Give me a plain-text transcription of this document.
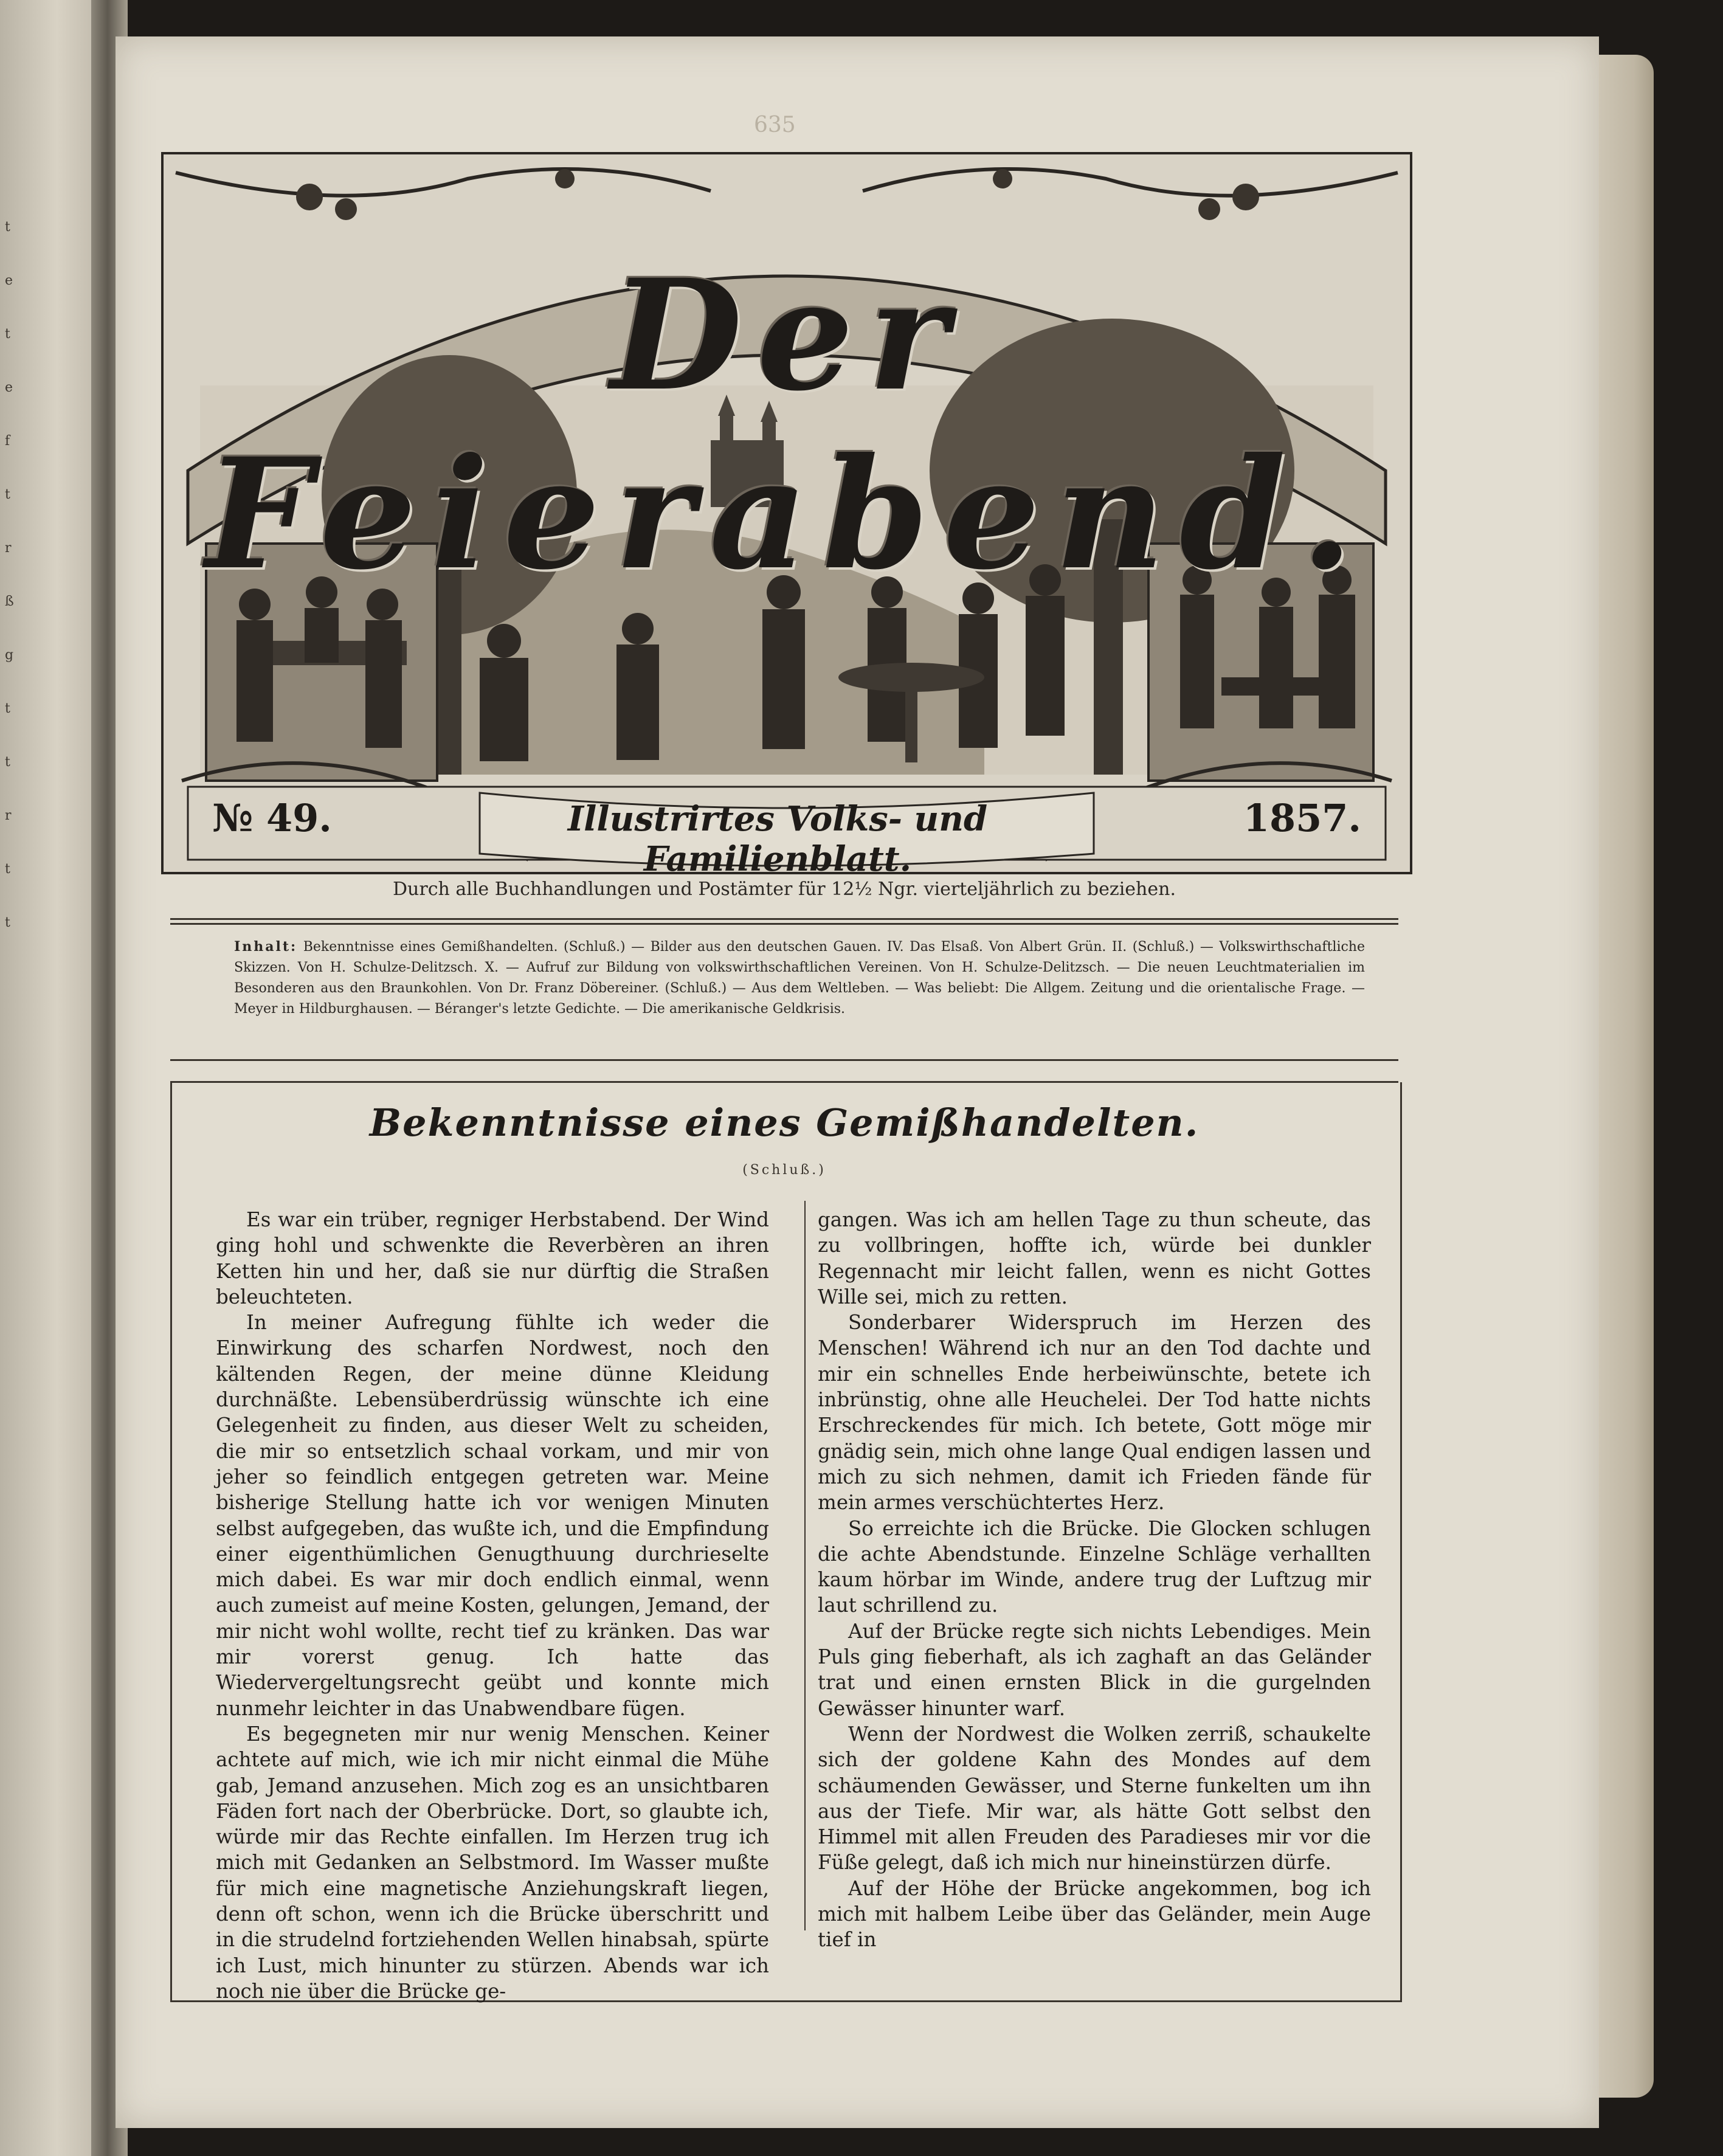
t
e
t
e
f
t
r
ß
g
t
t
r
t
t
635
Der Feierabend.
№ 49.	Illustrirtes Volks- und Familienblatt.
1857.
Durch alle Buchhandlungen und Postämter für 12½ Ngr. vierteljährlich zu beziehen.
Inhalt: Bekenntnisse eines Gemißhandelten. (Schluß.) — Bilder aus den deutschen Gauen. IV. Das Elsaß. Von Albert Grün. II. (Schluß.) — Volkswirthschaftliche Skizzen. Von H. Schulze-Delitzsch. X. — Aufruf zur Bildung von volkswirthschaftlichen Vereinen. Von H. Schulze-Delitzsch. — Die neuen Leuchtmaterialien im Besonderen aus den Braunkohlen. Von Dr. Franz Döbereiner. (Schluß.) — Aus dem Weltleben. — Was beliebt: Die Allgem. Zeitung und die orientalische Frage. — Meyer in Hildburghausen. — Béranger's letzte Gedichte. — Die amerikanische Geldkrisis.
Bekenntnisse eines Gemißhandelten.
(Schluß.)

Es war ein trüber, regniger Herbstabend. Der Wind ging hohl und schwenkte die Reverbèren an ihren Ketten hin und her, daß sie nur dürftig die Straßen beleuchteten.

In meiner Aufregung fühlte ich weder die Einwirkung des scharfen Nordwest, noch den kältenden Regen, der meine dünne Kleidung durchnäßte. Lebensüberdrüssig wünschte ich eine Gelegenheit zu finden, aus dieser Welt zu scheiden, die mir so entsetzlich schaal vorkam, und mir von jeher so feindlich entgegen getreten war. Meine bisherige Stellung hatte ich vor wenigen Minuten selbst aufgegeben, das wußte ich, und die Empfindung einer eigenthümlichen Genugthuung durchrieselte mich dabei. Es war mir doch endlich einmal, wenn auch zumeist auf meine Kosten, gelungen, Jemand, der mir nicht wohl wollte, recht tief zu kränken. Das war mir vorerst genug. Ich hatte das Wiedervergeltungsrecht geübt und konnte mich nunmehr leichter in das Unabwendbare fügen.

Es begegneten mir nur wenig Menschen. Keiner achtete auf mich, wie ich mir nicht einmal die Mühe gab, Jemand anzusehen. Mich zog es an unsichtbaren Fäden fort nach der Oberbrücke. Dort, so glaubte ich, würde mir das Rechte einfallen. Im Herzen trug ich mich mit Gedanken an Selbstmord. Im Wasser mußte für mich eine magnetische Anziehungskraft liegen, denn oft schon, wenn ich die Brücke überschritt und in die strudelnd fortziehenden Wellen hinabsah, spürte ich Lust, mich hinunter zu stürzen. Abends war ich noch nie über die Brücke ge-

gangen. Was ich am hellen Tage zu thun scheute, das zu vollbringen, hoffte ich, würde bei dunkler Regennacht mir leicht fallen, wenn es nicht Gottes Wille sei, mich zu retten.

Sonderbarer Widerspruch im Herzen des Menschen! Während ich nur an den Tod dachte und mir ein schnelles Ende herbeiwünschte, betete ich inbrünstig, ohne alle Heuchelei. Der Tod hatte nichts Erschreckendes für mich. Ich betete, Gott möge mir gnädig sein, mich ohne lange Qual endigen lassen und mich zu sich nehmen, damit ich Frieden fände für mein armes verschüchtertes Herz.

So erreichte ich die Brücke. Die Glocken schlugen die achte Abendstunde. Einzelne Schläge verhallten kaum hörbar im Winde, andere trug der Luftzug mir laut schrillend zu.

Auf der Brücke regte sich nichts Lebendiges. Mein Puls ging fieberhaft, als ich zaghaft an das Geländer trat und einen ernsten Blick in die gurgelnden Gewässer hinunter warf.

Wenn der Nordwest die Wolken zerriß, schaukelte sich der goldene Kahn des Mondes auf dem schäumenden Gewässer, und Sterne funkelten um ihn aus der Tiefe. Mir war, als hätte Gott selbst den Himmel mit allen Freuden des Paradieses mir vor die Füße gelegt, daß ich mich nur hineinstürzen dürfe.

Auf der Höhe der Brücke angekommen, bog ich mich mit halbem Leibe über das Geländer, mein Auge tief in
